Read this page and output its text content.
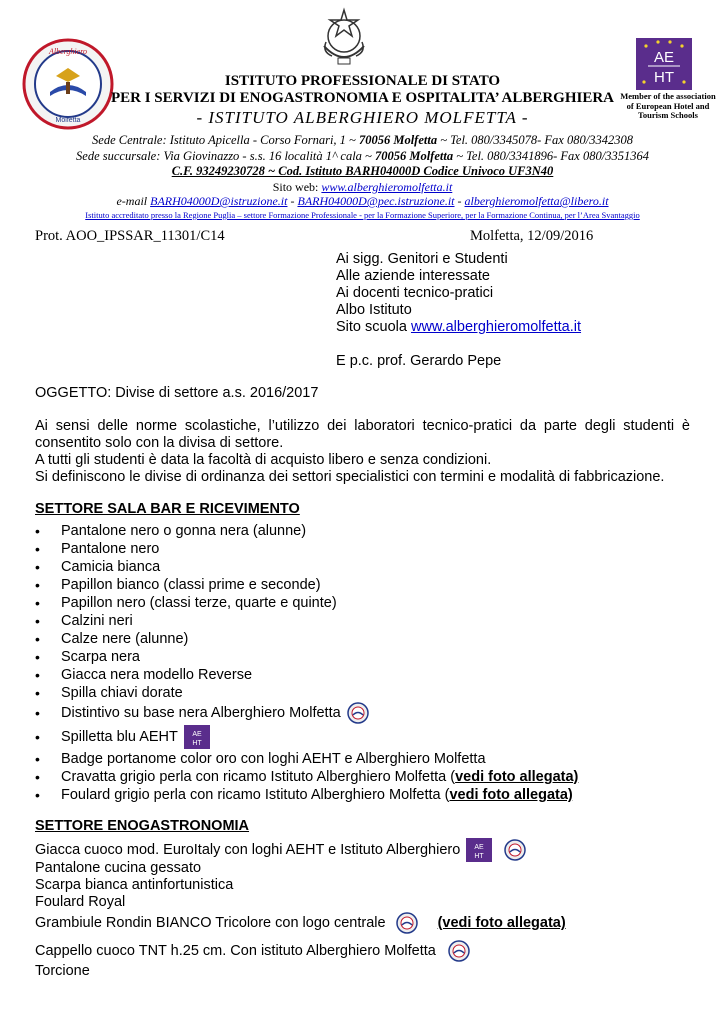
Alberghiero
Molfetta
AE
HT
Member of the association of European Hotel and Tourism Schools
ISTITUTO PROFESSIONALE DI STATO
PER I SERVIZI DI ENOGASTRONOMIA E OSPITALITA’ ALBERGHIERA
- ISTITUTO ALBERGHIERO MOLFETTA -
Sede Centrale: Istituto Apicella - Corso Fornari, 1 ~ 70056 Molfetta ~ Tel. 080/3345078- Fax 080/3342308
Sede succursale: Via Giovinazzo - s.s. 16 località 1^ cala ~ 70056 Molfetta ~ Tel. 080/3341896- Fax 080/3351364
C.F. 93249230728 ~ Cod. Istituto BARH04000D Codice Univoco UF3N40
Sito web: www.alberghieromolfetta.it
e-mail BARH04000D@istruzione.it - BARH04000D@pec.istruzione.it - alberghieromolfetta@libero.it
Istituto accreditato presso la Regione Puglia – settore Formazione Professionale - per la Formazione Superiore, per la Formazione Continua, per l’Area Svantaggio
Prot. AOO_IPSSAR_11301/C14	Molfetta, 12/09/2016
Ai sigg. Genitori e Studenti
Alle aziende interessate
Ai docenti tecnico-pratici
Albo Istituto
Sito scuola www.alberghieromolfetta.it
E p.c. prof. Gerardo Pepe
OGGETTO: Divise di settore a.s. 2016/2017
Ai sensi delle norme scolastiche, l’utilizzo dei laboratori tecnico-pratici da parte degli studenti è consentito solo con la divisa di settore.
A tutti gli studenti è data la facoltà di acquisto libero e senza condizioni.
Si definiscono le divise di ordinanza dei settori specialistici con termini e modalità di fabbricazione.
SETTORE SALA BAR E RICEVIMENTO
• Pantalone nero o gonna nera (alunne)
• Pantalone nero
• Camicia bianca
• Papillon bianco (classi prime e seconde)
• Papillon nero (classi terze, quarte e quinte)
• Calzini neri
• Calze nere (alunne)
• Scarpa nera
• Giacca nera modello Reverse
• Spilla chiavi dorate
• Distintivo su base nera Alberghiero Molfetta
• Spilletta blu AEHT AE
HT
• Badge portanome color oro con loghi AEHT e Alberghiero Molfetta
• Cravatta grigio perla con ricamo Istituto Alberghiero Molfetta (vedi foto allegata)
• Foulard grigio perla con ricamo Istituto Alberghiero Molfetta (vedi foto allegata)
SETTORE ENOGASTRONOMIA
Giacca cuoco mod. EuroItaly con loghi AEHT e Istituto Alberghiero AE
HT
Pantalone cucina gessato
Scarpa bianca antinfortunistica
Foulard Royal
Grambiule Rondin BIANCO Tricolore con logo centrale	(vedi foto allegata)
Cappello cuoco TNT h.25 cm. Con istituto Alberghiero Molfetta
Torcione
